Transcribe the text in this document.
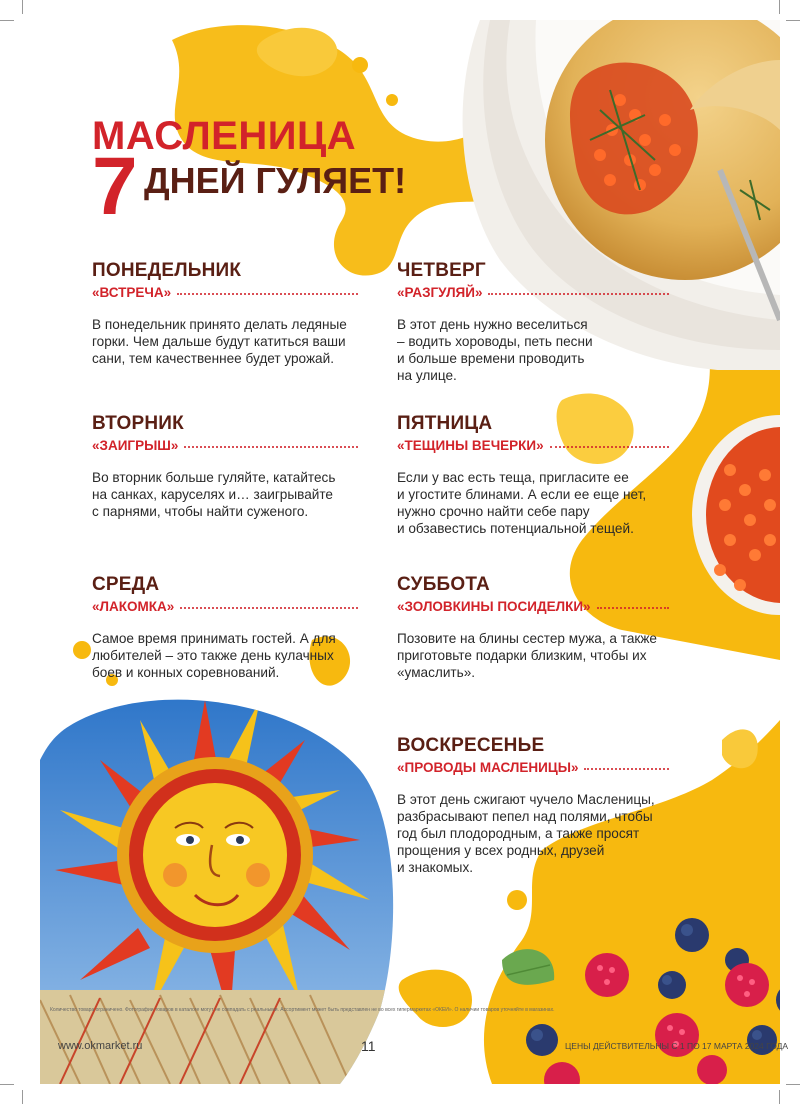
МАСЛЕНИЦА
7 ДНЕЙ ГУЛЯЕТ!
ПОНЕДЕЛЬНИК
«ВСТРЕЧА»
В понедельник принято делать ледяные
горки. Чем дальше будут катиться ваши
сани, тем качественнее будет урожай.
ВТОРНИК
«ЗАИГРЫШ»
Во вторник больше гуляйте, катайтесь
на санках, каруселях и… заигрывайте
с парнями, чтобы найти суженого.
СРЕДА
«ЛАКОМКА»
Самое время принимать гостей. А для
любителей – это также день кулачных
боев и конных соревнований.
ЧЕТВЕРГ
«РАЗГУЛЯЙ»
В этот день нужно веселиться
– водить хороводы, петь песни
и больше времени проводить
на улице.
ПЯТНИЦА
«ТЕЩИНЫ ВЕЧЕРКИ»
Если у вас есть теща, пригласите ее
и угостите блинами. А если ее еще нет,
нужно срочно найти себе пару
и обзавестись потенциальной тещей.
СУББОТА
«ЗОЛОВКИНЫ ПОСИДЕЛКИ»
Позовите на блины сестер мужа, а также
приготовьте подарки близким, чтобы их
«умаслить».
ВОСКРЕСЕНЬЕ
«ПРОВОДЫ МАСЛЕНИЦЫ»
В этот день сжигают чучело Масленицы,
разбрасывают пепел над полями, чтобы
год был плодородным, а также просят
прощения у всех родных, друзей
и знакомых.
Количество товара ограничено. Фотографии товаров в каталоге могут не совпадать с реальными. Ассортимент может быть представлен не во всех гипермаркетах «ОКЕЙ». О наличии товаров уточняйте в магазинах.
www.okmarket.ru	11	ЦЕНЫ ДЕЙСТВИТЕЛЬНЫ С 1 ПО 17 МАРТА 2024 ГОДА
